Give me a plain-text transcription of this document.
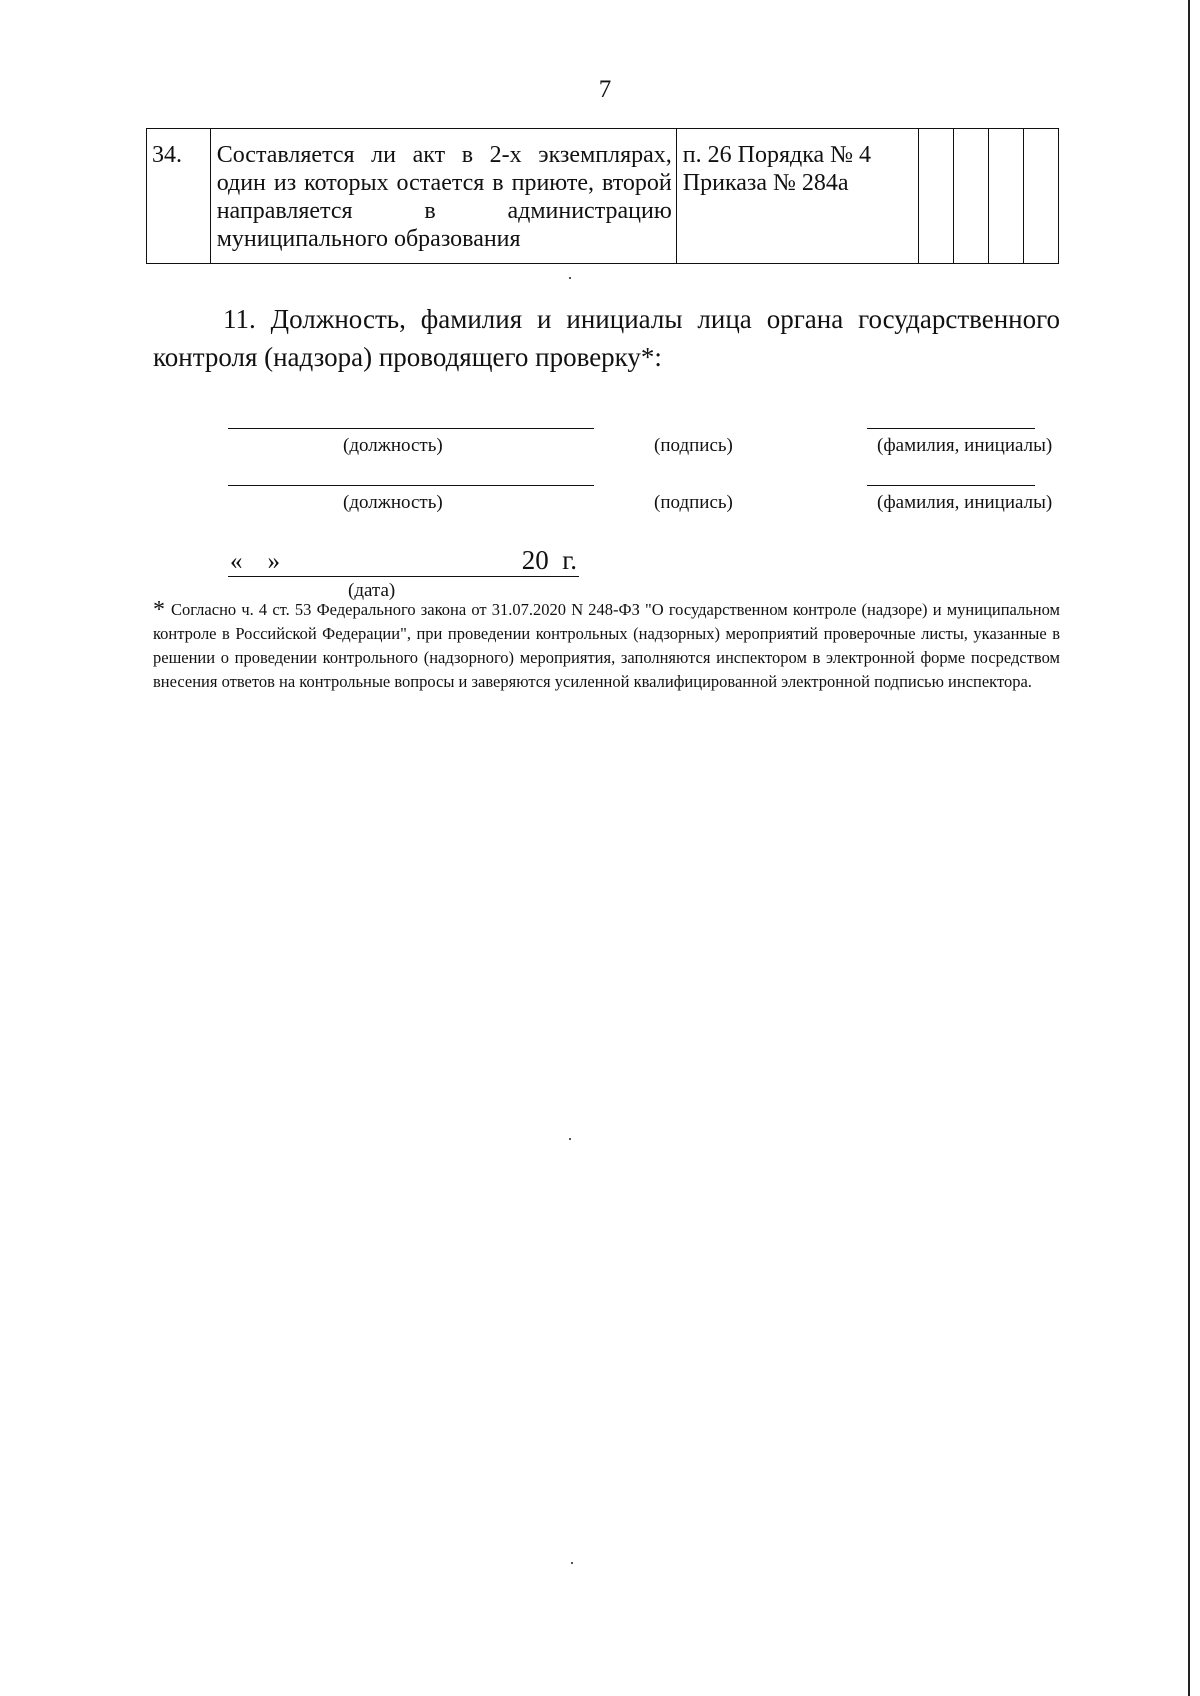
7
34.	Составляется ли акт в 2-х экземплярах, один из которых остается в приюте, второй направляется в администрацию муниципального образования	п. 26 Порядка № 4 Приказа № 284а				
11. Должность, фамилия и инициалы лица органа государственного контроля (надзора) проводящего проверку*:
(должность)	(подпись)	(фамилия, инициалы)
(должность)	(подпись)	(фамилия, инициалы)
«    »	20  г.
(дата)
* Согласно ч. 4 ст. 53 Федерального закона от 31.07.2020 N 248-ФЗ "О государственном контроле (надзоре) и муниципальном контроле в Российской Федерации", при проведении контрольных (надзорных) мероприятий проверочные листы, указанные в решении о проведении контрольного (надзорного) мероприятия, заполняются инспектором в электронной форме посредством внесения ответов на контрольные вопросы и заверяются усиленной квалифицированной электронной подписью инспектора.
